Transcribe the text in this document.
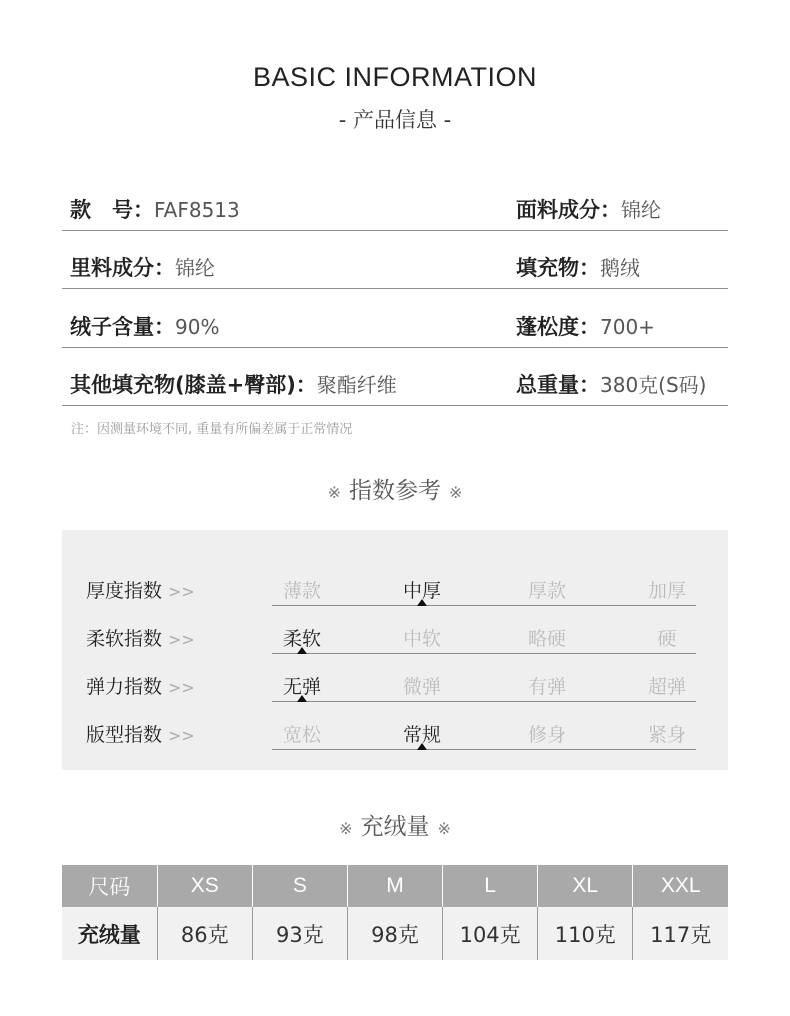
BASIC INFORMATION
- 产品信息 -
款　号：FAF8513	面料成分：锦纶
里料成分：锦纶	填充物：鹅绒
绒子含量：90%	蓬松度：700+
其他填充物(膝盖+臀部)：聚酯纤维	总重量：380克(S码)
注：因测量环境不同, 重量有所偏差属于正常情况
※ 指数参考 ※
厚度指数 >>	薄款	中厚	厚款	加厚
柔软指数 >>	柔软	中软	略硬	硬
弹力指数 >>	无弹	微弹	有弹	超弹
版型指数 >>	宽松	常规	修身	紧身
※ 充绒量 ※
尺码	XS	S	M	L	XL	XXL
充绒量	86克	93克	98克	104克	110克	117克
